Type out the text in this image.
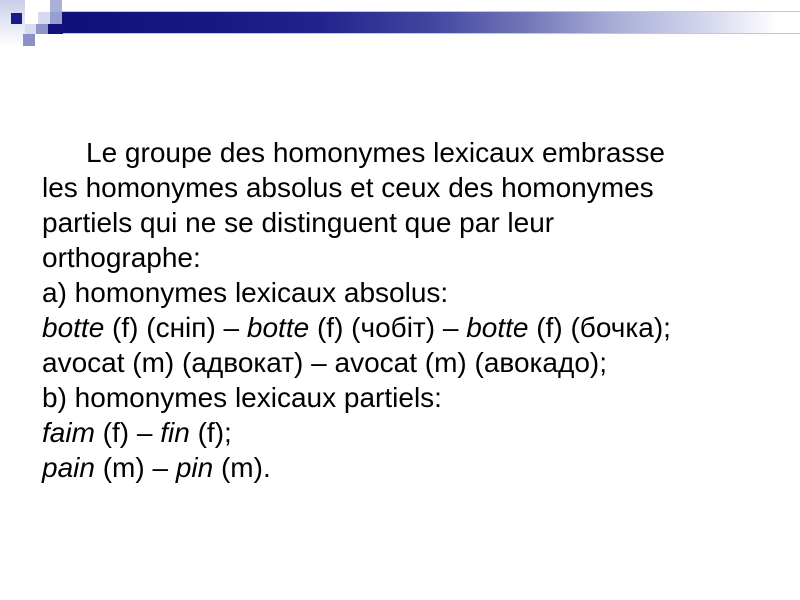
Le groupe des homonymes lexicaux embrasse
les homonymes absolus et ceux des homonymes
partiels qui ne se distinguent que par leur
orthographe:
a) homonymes lexicaux absolus:
botte (f) (сніп) – botte (f) (чобіт) – botte (f) (бочка);
avocat (m) (адвокат) – avocat (m) (авокадо);
b) homonymes lexicaux partiels:
faim (f) – fin (f);
pain (m) – pin (m).
